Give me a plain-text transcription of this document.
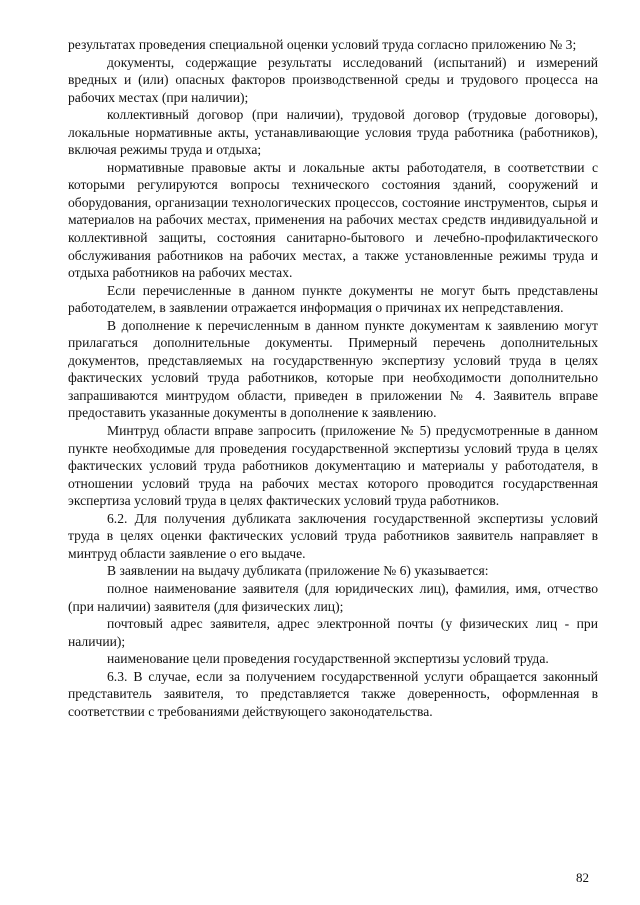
результатах проведения специальной оценки условий труда согласно приложению № 3;

документы, содержащие результаты исследований (испытаний) и измерений вредных и (или) опасных факторов производственной среды и трудового процесса на рабочих местах (при наличии);

коллективный договор (при наличии), трудовой договор (трудовые договоры), локальные нормативные акты, устанавливающие условия труда работника (работников), включая режимы труда и отдыха;

нормативные правовые акты и локальные акты работодателя, в соответствии с которыми регулируются вопросы технического состояния зданий, сооружений и оборудования, организации технологических процессов, состояние инструментов, сырья и материалов на рабочих местах, применения на рабочих местах средств индивидуальной и коллективной защиты, состояния санитарно-бытового и лечебно-профилактического обслуживания работников на рабочих местах, а также установленные режимы труда и отдыха работников на рабочих местах.

Если перечисленные в данном пункте документы не могут быть представлены работодателем, в заявлении отражается информация о причинах их непредставления.

В дополнение к перечисленным в данном пункте документам к заявлению могут прилагаться дополнительные документы. Примерный перечень дополнительных документов, представляемых на государственную экспертизу условий труда в целях фактических условий труда работников, которые при необходимости дополнительно запрашиваются минтрудом области, приведен в приложении № 4. Заявитель вправе предоставить указанные документы в дополнение к заявлению.

Минтруд области вправе запросить (приложение № 5) предусмотренные в данном пункте необходимые для проведения государственной экспертизы условий труда в целях фактических условий труда работников документацию и материалы у работодателя, в отношении условий труда на рабочих местах которого проводится государственная экспертиза условий труда в целях фактических условий труда работников.

6.2. Для получения дубликата заключения государственной экспертизы условий труда в целях оценки фактических условий труда работников заявитель направляет в минтруд области заявление о его выдаче.

В заявлении на выдачу дубликата (приложение № 6) указывается:

полное наименование заявителя (для юридических лиц), фамилия, имя, отчество (при наличии) заявителя (для физических лиц);

почтовый адрес заявителя, адрес электронной почты (у физических лиц - при наличии);

наименование цели проведения государственной экспертизы условий труда.

6.3. В случае, если за получением государственной услуги обращается законный представитель заявителя, то представляется также доверенность, оформленная в соответствии с требованиями действующего законодательства.

82
